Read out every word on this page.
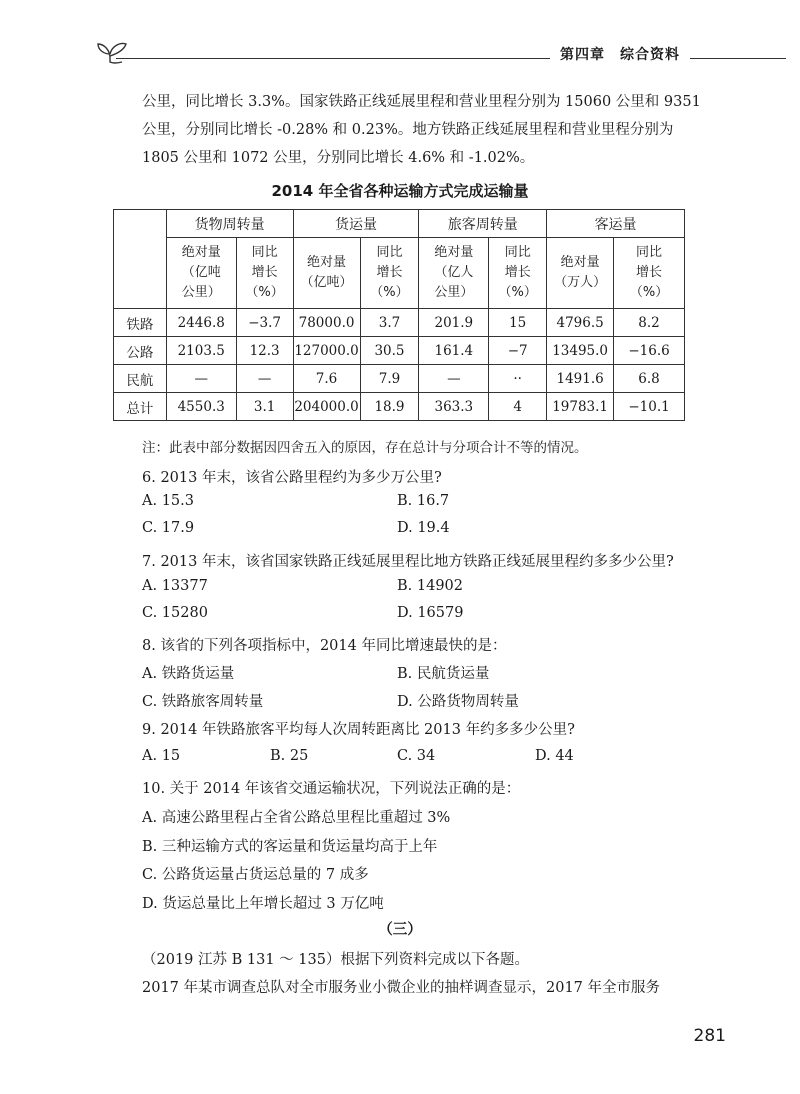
第四章　综合资料
公里，同比增长 3.3%。国家铁路正线延展里程和营业里程分别为 15060 公里和 9351
公里，分别同比增长 -0.28% 和 0.23%。地方铁路正线延展里程和营业里程分别为
1805 公里和 1072 公里，分别同比增长 4.6% 和 -1.02%。
2014 年全省各种运输方式完成运输量
	货物周转量		货运量		旅客周转量		客运量	
	绝对量
（亿吨
公里）	同比
增长
（%）	绝对量
（亿吨）	同比
增长
（%）	绝对量
（亿人
公里）	同比
增长
（%）	绝对量
（万人）	同比
增长
（%）
铁路	2446.8	−3.7	78000.0	3.7	201.9	15	4796.5	8.2
公路	2103.5	12.3	127000.0	30.5	161.4	−7	13495.0	−16.6
民航	—	—	7.6	7.9	—	··	1491.6	6.8
总计	4550.3	3.1	204000.0	18.9	363.3	4	19783.1	−10.1
注：此表中部分数据因四舍五入的原因，存在总计与分项合计不等的情况。
6. 2013 年末，该省公路里程约为多少万公里?
A. 15.3	B. 16.7
C. 17.9	D. 19.4
7. 2013 年末，该省国家铁路正线延展里程比地方铁路正线延展里程约多多少公里?
A. 13377	B. 14902
C. 15280	D. 16579
8. 该省的下列各项指标中，2014 年同比增速最快的是：
A. 铁路货运量	B. 民航货运量
C. 铁路旅客周转量	D. 公路货物周转量
9. 2014 年铁路旅客平均每人次周转距离比 2013 年约多多少公里?
A. 15	B. 25	C. 34	D. 44
10. 关于 2014 年该省交通运输状况，下列说法正确的是：
A. 高速公路里程占全省公路总里程比重超过 3%
B. 三种运输方式的客运量和货运量均高于上年
C. 公路货运量占货运总量的 7 成多
D. 货运总量比上年增长超过 3 万亿吨
（三）
（2019 江苏 B 131 ～ 135）根据下列资料完成以下各题。
2017 年某市调查总队对全市服务业小微企业的抽样调查显示，2017 年全市服务
281
